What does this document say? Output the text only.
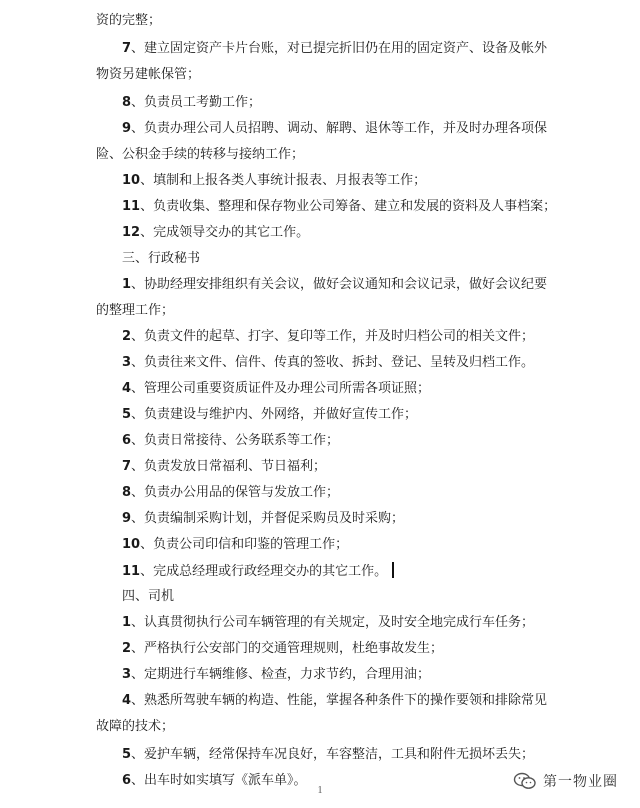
资的完整；
7、建立固定资产卡片台账，对已提完折旧仍在用的固定资产、设备及帐外
物资另建帐保管；
8、负责员工考勤工作；
9、负责办理公司人员招聘、调动、解聘、退休等工作，并及时办理各项保
险、公积金手续的转移与接纳工作；
10、填制和上报各类人事统计报表、月报表等工作；
11、负责收集、整理和保存物业公司筹备、建立和发展的资料及人事档案；
12、完成领导交办的其它工作。
三、行政秘书
1、协助经理安排组织有关会议，做好会议通知和会议记录，做好会议纪要
的整理工作；
2、负责文件的起草、打字、复印等工作，并及时归档公司的相关文件；
3、负责往来文件、信件、传真的签收、拆封、登记、呈转及归档工作。
4、管理公司重要资质证件及办理公司所需各项证照；
5、负责建设与维护内、外网络，并做好宣传工作；
6、负责日常接待、公务联系等工作；
7、负责发放日常福利、节日福利；
8、负责办公用品的保管与发放工作；
9、负责编制采购计划，并督促采购员及时采购；
10、负责公司印信和印鉴的管理工作；
11、完成总经理或行政经理交办的其它工作。
四、司机
1、认真贯彻执行公司车辆管理的有关规定，及时安全地完成行车任务；
2、严格执行公安部门的交通管理规则，杜绝事故发生；
3、定期进行车辆维修、检查，力求节约，合理用油；
4、熟悉所驾驶车辆的构造、性能，掌握各种条件下的操作要领和排除常见
故障的技术；
5、爱护车辆，经常保持车况良好，车容整洁，工具和附件无损坏丢失；
6、出车时如实填写《派车单》。
1
第一物业圈
